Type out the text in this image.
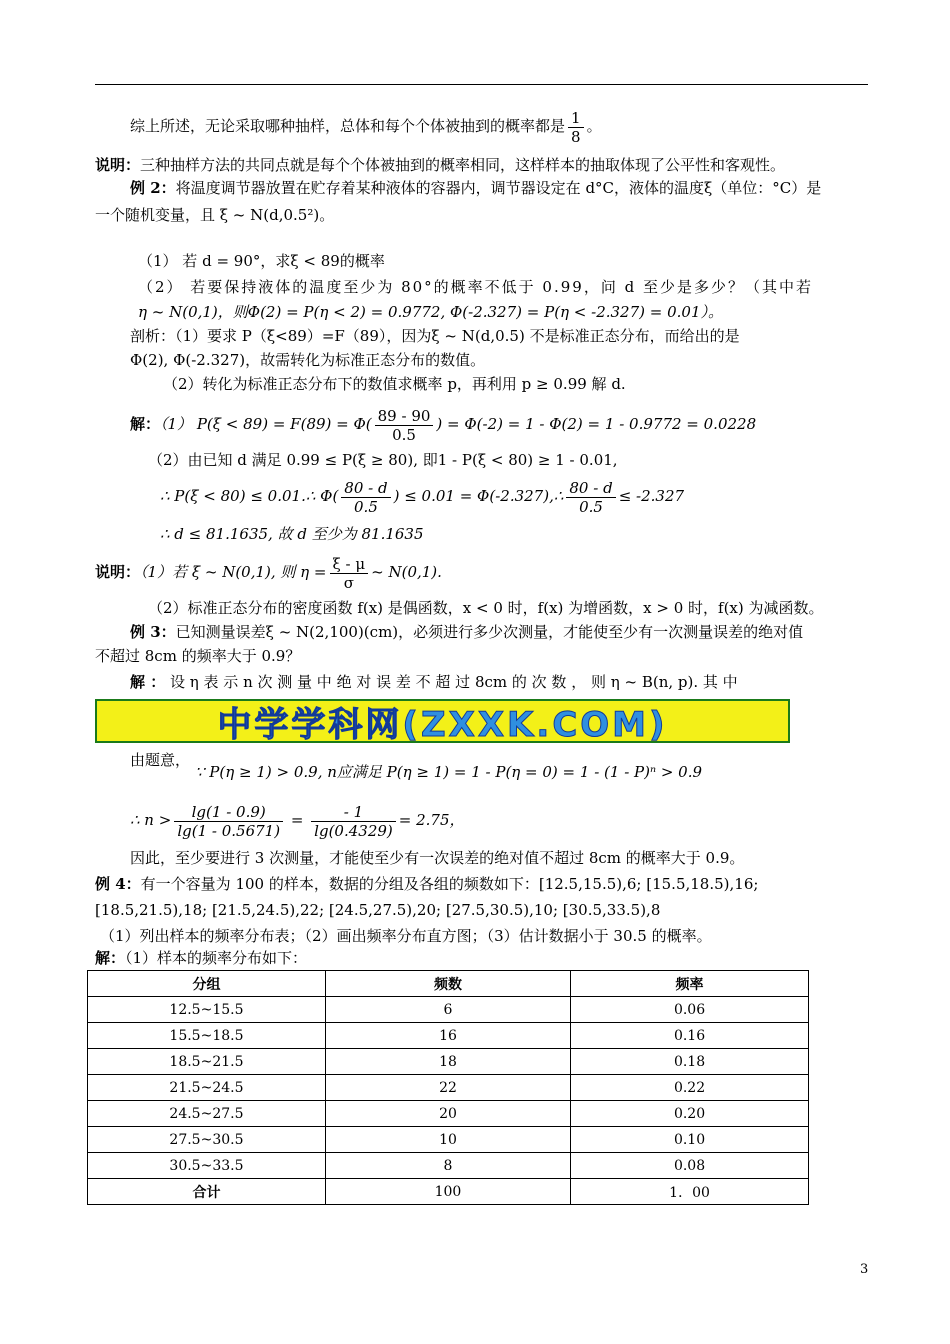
综上所述，无论采取哪种抽样，总体和每个个体被抽到的概率都是 $\frac{1}{8}$ 。
说明：三种抽样方法的共同点就是每个个体被抽到的概率相同，这样样本的抽取体现了公平性和客观性。
例 2：将温度调节器放置在贮存着某种液体的容器内，调节器设定在 d°C，液体的温度ξ（单位：°C）是
一个随机变量，且 ξ ~ N(d,0.5²)。
（1） 若 d = 90°，求ξ < 89的概率
（2） 若要保持液体的温度至少为 80°的概率不低于 0.99，问 d 至少是多少？（其中若
η ~ N(0,1)，则Φ(2) = P(η < 2) = 0.9772, Φ(-2.327) = P(η < -2.327) = 0.01）。
剖析：（1）要求 P（ξ<89）=F（89），因为ξ ~ N(d,0.5) 不是标准正态分布，而给出的是
Φ(2), Φ(-2.327)，故需转化为标准正态分布的数值。
（2）转化为标准正态分布下的数值求概率 p，再利用 p ≥ 0.99 解 d.
解：（1） $P(\xi < 89) = F(89) = \Phi( \frac{89 - 90}{0.5}$ ) = Φ(-2) = 1 - Φ(2) = 1 - 0.9772 = 0.0228
（2）由已知 d 满足 0.99 ≤ P(ξ ≥ 80), 即1 - P(ξ < 80) ≥ 1 - 0.01,
∴ P(ξ < 80) ≤ 0.01.∴ $\Phi( \frac{80 - d}{0.5}$ ) ≤ 0.01 = Φ(-2.327),∴ $\frac{80 - d}{0.5} \le -2.327$
∴ d ≤ 81.1635, 故 d 至少为 81.1635
说明：（1）若 ξ ~ N(0,1), 则 $\eta = \frac{\xi - \mu}{\sigma}$ ~ N(0,1).
（2）标准正态分布的密度函数 f(x) 是偶函数，x < 0 时，f(x) 为增函数，x > 0 时，f(x) 为减函数。
例 3：已知测量误差ξ ~ N(2,100)(cm)，必须进行多少次测量，才能使至少有一次测量误差的绝对值
不超过 8cm 的频率大于 0.9？
解 ： 设 η 表 示 n 次 测 量 中 绝 对 误 差 不 超 过 8cm 的 次 数 ， 则 η ~ B(n, p). 其 中
中学学科网(ZXXK.COM)
由题意，
∵ P(η ≥ 1) > 0.9, n应满足 P(η ≥ 1) = 1 - P(η = 0) = 1 - (1 - P)ⁿ > 0.9
∴ $n > \frac{\lg(1 - 0.9)}{\lg(1 - 0.5671)} = \frac{- 1}{\lg(0.4329)} = 2.75$，
因此，至少要进行 3 次测量，才能使至少有一次误差的绝对值不超过 8cm 的概率大于 0.9。
例 4：有一个容量为 100 的样本，数据的分组及各组的频数如下：[12.5,15.5),6; [15.5,18.5),16;
[18.5,21.5),18; [21.5,24.5),22; [24.5,27.5),20; [27.5,30.5),10; [30.5,33.5),8
（1）列出样本的频率分布表；（2）画出频率分布直方图；（3）估计数据小于 30.5 的概率。
解：（1）样本的频率分布如下：
分组	频数	频率
12.5~15.5	6	0.06
15.5~18.5	16	0.16
18.5~21.5	18	0.18
21.5~24.5	22	0.22
24.5~27.5	20	0.20
27.5~30.5	10	0.10
30.5~33.5	8	0.08
合计	100	1．00
3
